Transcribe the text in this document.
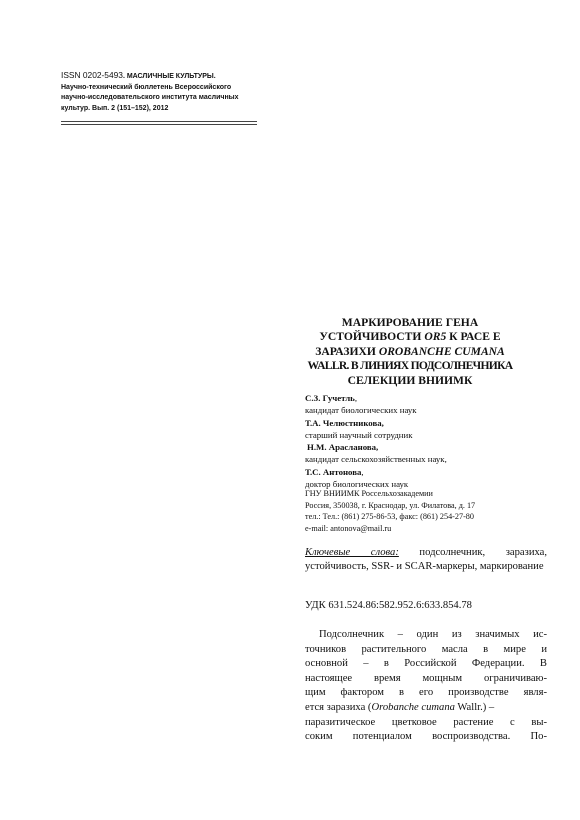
ISSN 0202-5493. МАСЛИЧНЫЕ КУЛЬТУРЫ.
Научно-технический бюллетень Всероссийского
научно-исследовательского института масличных
культур. Вып. 2 (151–152), 2012
МАРКИРОВАНИЕ ГЕНА
УСТОЙЧИВОСТИ OR5 К РАСЕ Е
ЗАРАЗИХИ OROBANCHE CUMANA
WALLR. В ЛИНИЯХ ПОДСОЛНЕЧНИКА
СЕЛЕКЦИИ ВНИИМК
С.З. Гучетль,
кандидат биологических наук
Т.А. Челюстникова,
старший научный сотрудник
Н.М. Арасланова,
кандидат сельскохозяйственных наук,
Т.С. Антонова,
доктор биологических наук
ГНУ ВНИИМК Россельхозакадемии
Россия, 350038, г. Краснодар, ул. Филатова, д. 17
тел.: Тел.: (861) 275-86-53, факс: (861) 254-27-80
e-mail: antonova@mail.ru
Ключевые слова: подсолнечник, заразиха, устойчивость, SSR- и SCAR-маркеры, маркирование
УДК 631.524.86:582.952.6:633.854.78
Подсолнечник – один из значимых ис-
точников растительного масла в мире и
основной – в Российской Федерации. В
настоящее время мощным ограничиваю-
щим фактором в его производстве явля-
ется заразиха (Orobanche cumana Wallr.) –
паразитическое цветковое растение с вы-
соким потенциалом воспроизводства. По-
